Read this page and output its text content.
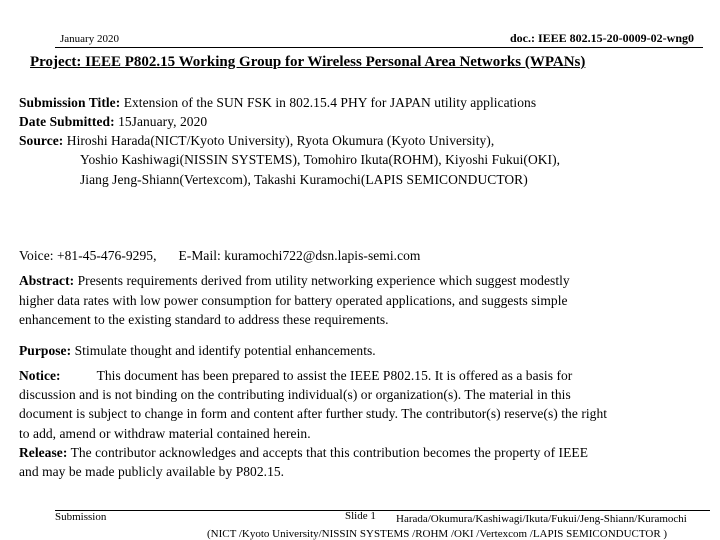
January 2020	doc.: IEEE 802.15-20-0009-02-wng0
Project: IEEE P802.15 Working Group for Wireless Personal Area Networks (WPANs)
Submission Title: Extension of the SUN FSK in 802.15.4 PHY for JAPAN utility applications
Date Submitted: 15January, 2020
Source: Hiroshi Harada(NICT/Kyoto University), Ryota Okumura (Kyoto University),
Yoshio Kashiwagi(NISSIN SYSTEMS), Tomohiro Ikuta(ROHM), Kiyoshi Fukui(OKI),
Jiang Jeng-Shiann(Vertexcom), Takashi Kuramochi(LAPIS SEMICONDUCTOR)
Voice: +81-45-476-9295, E-Mail: kuramochi722@dsn.lapis-semi.com
Abstract: Presents requirements derived from utility networking experience which suggest modestly
higher data rates with low power consumption for battery operated applications, and suggests simple
enhancement to the existing standard to address these requirements.
Purpose: Stimulate thought and identify potential enhancements.
Notice:	This document has been prepared to assist the IEEE P802.15. It is offered as a basis for
discussion and is not binding on the contributing individual(s) or organization(s). The material in this
document is subject to change in form and content after further study. The contributor(s) reserve(s) the right
to add, amend or withdraw material contained herein.
Release: The contributor acknowledges and accepts that this contribution becomes the property of IEEE
and may be made publicly available by P802.15.
Submission	Slide 1 Harada/Okumura/Kashiwagi/Ikuta/Fukui/Jeng-Shiann/Kuramochi
(NICT /Kyoto University/NISSIN SYSTEMS /ROHM /OKI /Vertexcom /LAPIS SEMICONDUCTOR )
